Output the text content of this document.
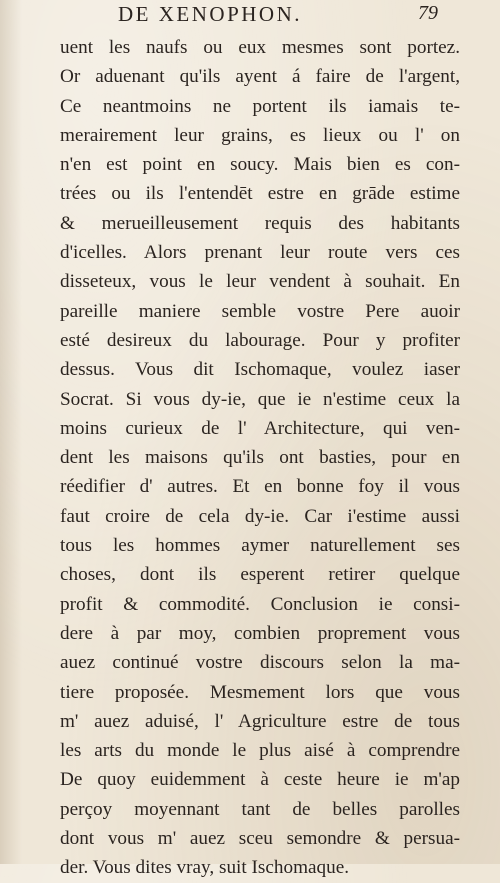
DE XENOPHON.	79
uent les naufs ou eux mesmes sont portez.
Or aduenant qu'ils ayent á faire de l'argent,
Ce neantmoins ne portent ils iamais te-
merairement leur grains, es lieux ou l' on
n'en est point en soucy. Mais bien es con-
trées ou ils l'entendēt estre en grāde estime
& merueilleusement requis des habitants
d'icelles. Alors prenant leur route vers ces
disseteux, vous le leur vendent à souhait. En
pareille maniere semble vostre Pere auoir
esté desireux du labourage. Pour y profiter
dessus. Vous dit Ischomaque, voulez iaser
Socrat. Si vous dy-ie, que ie n'estime ceux la
moins curieux de l' Architecture, qui ven-
dent les maisons qu'ils ont basties, pour en
réedifier d' autres. Et en bonne foy il vous
faut croire de cela dy-ie. Car i'estime aussi
tous les hommes aymer naturellement ses
choses, dont ils esperent retirer quelque
profit & commodité. Conclusion ie consi-
dere à par moy, combien proprement vous
auez continué vostre discours selon la ma-
tiere proposée. Mesmement lors que vous
m' auez aduisé, l' Agriculture estre de tous
les arts du monde le plus aisé à comprendre
De quoy euidemment à ceste heure ie m'ap
perçoy moyennant tant de belles parolles
dont vous m' auez sceu semondre & persua-
der. Vous dites vray, suit Ischomaque.
